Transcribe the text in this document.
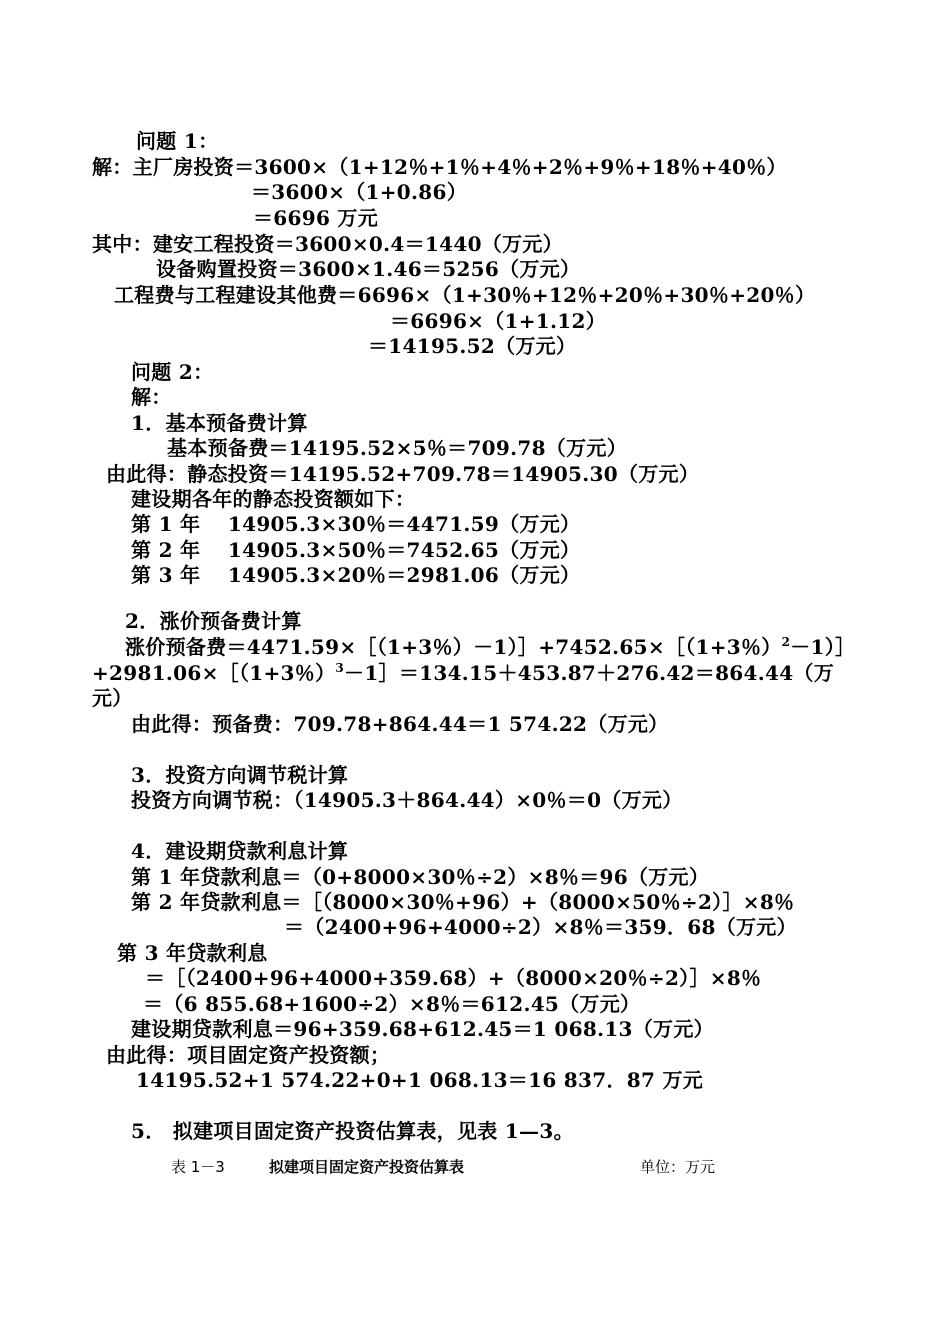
问题 1：
解：主厂房投资＝3600×（1+12％+1％+4％+2％+9％+18％+40％）
＝3600×（1+0.86）
＝6696 万元
其中：建安工程投资＝3600×0.4＝1440（万元）
设备购置投资＝3600×1.46＝5256（万元）
工程费与工程建设其他费＝6696×（1+30％+12％+20％+30％+20％）
＝6696×（1+1.12）
＝14195.52（万元）
问题 2：
解：
1．基本预备费计算
基本预备费＝14195.52×5％＝709.78（万元）
由此得：静态投资＝14195.52+709.78＝14905.30（万元）
建设期各年的静态投资额如下：
第 1 年　 14905.3×30％＝4471.59（万元）
第 2 年　 14905.3×50％＝7452.65（万元）
第 3 年　 14905.3×20％＝2981.06（万元）
2．涨价预备费计算
涨价预备费＝4471.59×［（1+3％）－1）］+7452.65×［（1+3％）$^2$－1）］
+2981.06×［（1+3％）$^3$－1］＝134.15＋453.87＋276.42＝864.44（万
元）
由此得：预备费：709.78+864.44＝1 574.22（万元）
3．投资方向调节税计算
投资方向调节税：（14905.3＋864.44）×0％＝0（万元）
4．建设期贷款利息计算
第 1 年贷款利息＝（0+8000×30％÷2）×8％＝96（万元）
第 2 年贷款利息＝［（8000×30％+96）+（8000×50％÷2）］×8％
＝（2400+96+4000÷2）×8％＝359．68（万元）
第 3 年贷款利息
＝［（2400+96+4000+359.68）+（8000×20％÷2）］×8％
＝（6 855.68+1600÷2）×8％＝612.45（万元）
建设期贷款利息＝96+359.68+612.45＝1 068.13（万元）
由此得：项目固定资产投资额；
14195.52+1 574.22+0+1 068.13＝16 837．87 万元
5． 拟建项目固定资产投资估算表，见表 1—3。
表 1－3	拟建项目固定资产投资估算表	单位：万元
